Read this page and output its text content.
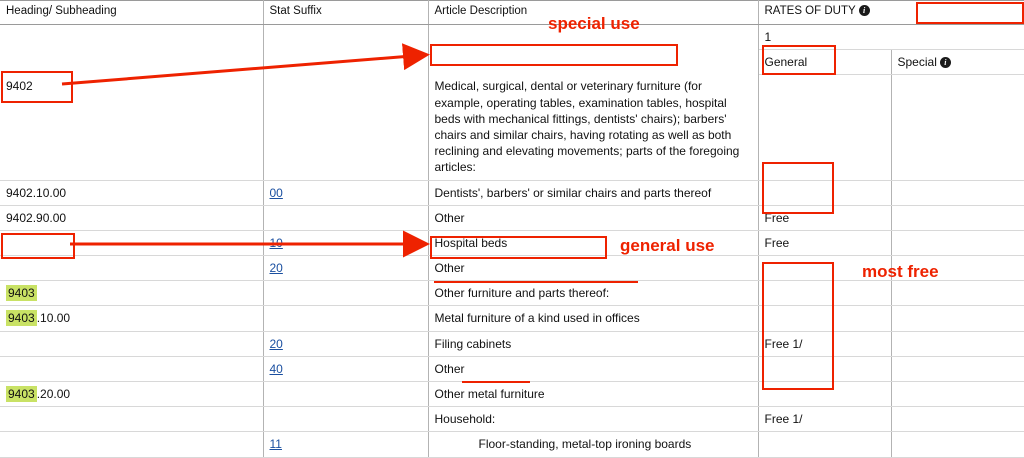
Heading/ Subheading	Stat Suffix	Article Description	RATES OF DUTY i	
			1	
			General	Special i
9402		Medical, surgical, dental or veterinary furniture (for example, operating tables, examination tables, hospital beds with mechanical fittings, dentists' chairs); barbers' chairs and similar chairs, having rotating as well as both reclining and elevating movements; parts of the foregoing articles:		
9402.10.00	00	Dentists', barbers' or similar chairs and parts thereof		
9402.90.00		Other	Free	
	10	Hospital beds	Free	
	20	Other		
9403		Other furniture and parts thereof:		
9403 .10.00		Metal furniture of a kind used in offices		
	20	Filing cabinets	Free 1/	
	40	Other		
9403 .20.00		Other metal furniture		
		Household:	Free 1/	
	11	Floor-standing, metal-top ironing boards		
special use
general use
most free
